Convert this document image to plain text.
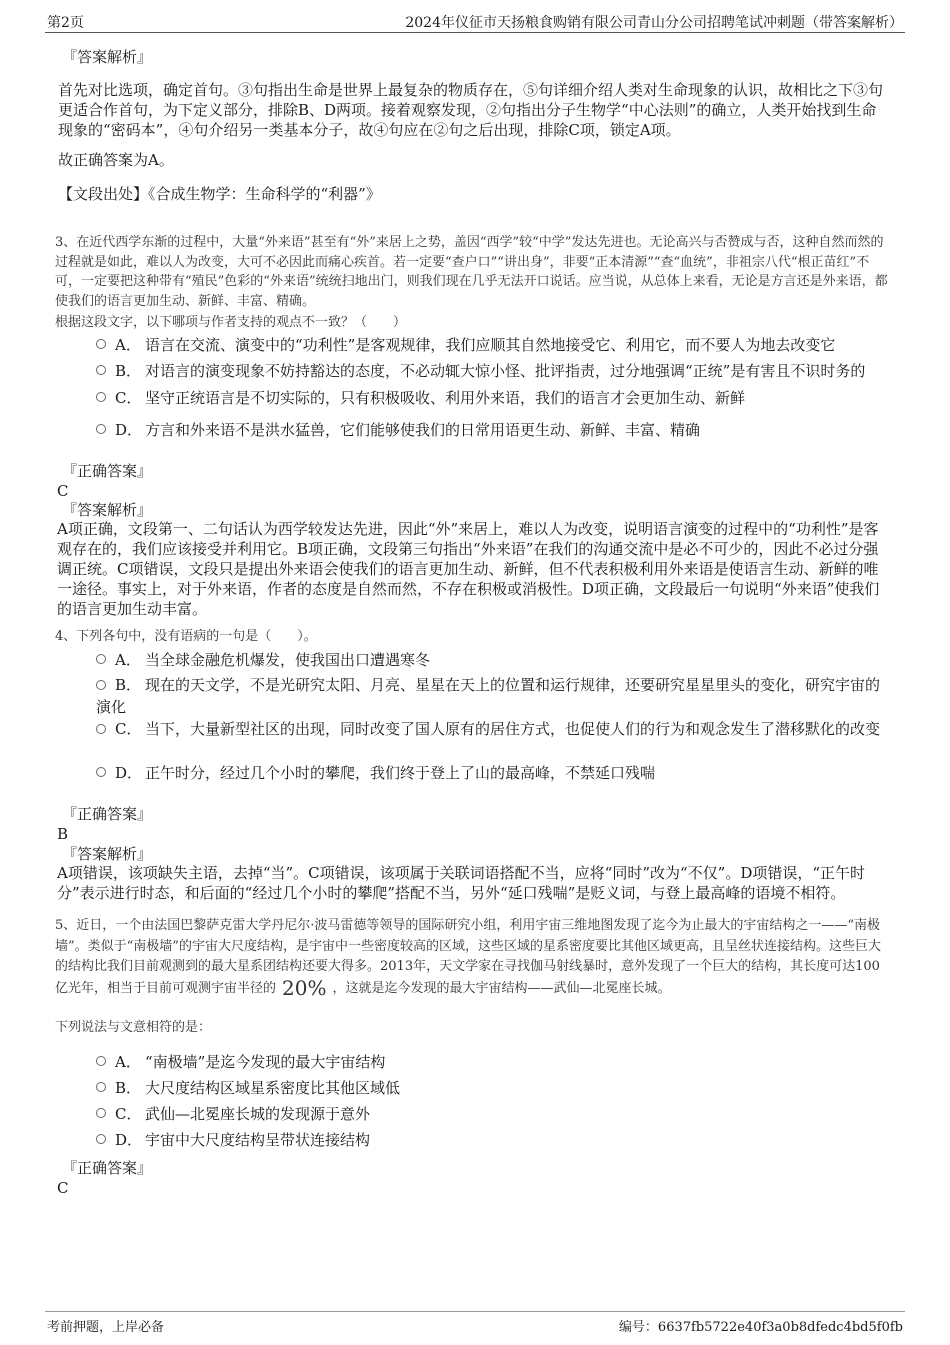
第2页	2024年仪征市天扬粮食购销有限公司青山分公司招聘笔试冲刺题（带答案解析）
『答案解析』
首先对比选项，确定首句。③句指出生命是世界上最复杂的物质存在，⑤句详细介绍人类对生命现象的认识，故相比之下③句更适合作首句，为下定义部分，排除B、D两项。接着观察发现，②句指出分子生物学“中心法则”的确立，人类开始找到生命现象的“密码本”，④句介绍另一类基本分子，故④句应在②句之后出现，排除C项，锁定A项。
故正确答案为A。
【文段出处】《合成生物学：生命科学的“利器”》
3、在近代西学东渐的过程中，大量“外来语”甚至有“外”来居上之势，盖因“西学”较“中学”发达先进也。无论高兴与否赞成与否，这种自然而然的过程就是如此，难以人为改变，大可不必因此而痛心疾首。若一定要“查户口”“讲出身”，非要“正本清源”“查“血统”，非祖宗八代“根正苗红”不可，一定要把这种带有“殖民”色彩的“外来语”统统扫地出门，则我们现在几乎无法开口说话。应当说，从总体上来看，无论是方言还是外来语，都使我们的语言更加生动、新鲜、丰富、精确。
根据这段文字，以下哪项与作者支持的观点不一致？（　　）
A． 语言在交流、演变中的“功利性”是客观规律，我们应顺其自然地接受它、利用它，而不要人为地去改变它
B． 对语言的演变现象不妨持豁达的态度，不必动辄大惊小怪、批评指责，过分地强调“正统”是有害且不识时务的
C． 坚守正统语言是不切实际的，只有积极吸收、利用外来语，我们的语言才会更加生动、新鲜
D． 方言和外来语不是洪水猛兽，它们能够使我们的日常用语更生动、新鲜、丰富、精确
『正确答案』
C
『答案解析』
A项正确，文段第一、二句话认为西学较发达先进，因此“外”来居上，难以人为改变，说明语言演变的过程中的“功利性”是客观存在的，我们应该接受并利用它。B项正确，文段第三句指出“外来语”在我们的沟通交流中是必不可少的，因此不必过分强调正统。C项错误，文段只是提出外来语会使我们的语言更加生动、新鲜，但不代表积极利用外来语是使语言生动、新鲜的唯一途径。事实上，对于外来语，作者的态度是自然而然，不存在积极或消极性。D项正确，文段最后一句说明“外来语”使我们的语言更加生动丰富。
4、下列各句中，没有语病的一句是（　　）。
A． 当全球金融危机爆发，使我国出口遭遇寒冬
B． 现在的天文学，不是光研究太阳、月亮、星星在天上的位置和运行规律，还要研究星星里头的变化，研究宇宙的演化
C． 当下，大量新型社区的出现，同时改变了国人原有的居住方式，也促使人们的行为和观念发生了潜移默化的改变
D． 正午时分，经过几个小时的攀爬，我们终于登上了山的最高峰，不禁延口残喘
『正确答案』
B
『答案解析』
A项错误，该项缺失主语，去掉“当”。C项错误，该项属于关联词语搭配不当，应将“同时”改为“不仅”。D项错误，“正午时分”表示进行时态，和后面的“经过几个小时的攀爬”搭配不当，另外“延口残喘”是贬义词，与登上最高峰的语境不相符。
5、近日，一个由法国巴黎萨克雷大学丹尼尔·波马雷德等领导的国际研究小组，利用宇宙三维地图发现了迄今为止最大的宇宙结构之一——“南极墙”。类似于“南极墙”的宇宙大尺度结构，是宇宙中一些密度较高的区域，这些区域的星系密度要比其他区域更高，且呈丝状连接结构。这些巨大的结构比我们目前观测到的最大星系团结构还要大得多。2013年，天文学家在寻找伽马射线暴时，意外发现了一个巨大的结构，其长度可达100亿光年，相当于目前可观测宇宙半径的 20% ，这就是迄今发现的最大宇宙结构——武仙—北冕座长城。
下列说法与文意相符的是：
A． “南极墙”是迄今发现的最大宇宙结构
B． 大尺度结构区域星系密度比其他区域低
C． 武仙—北冕座长城的发现源于意外
D． 宇宙中大尺度结构呈带状连接结构
『正确答案』
C
考前押题，上岸必备	编号：6637fb5722e40f3a0b8dfedc4bd5f0fb
